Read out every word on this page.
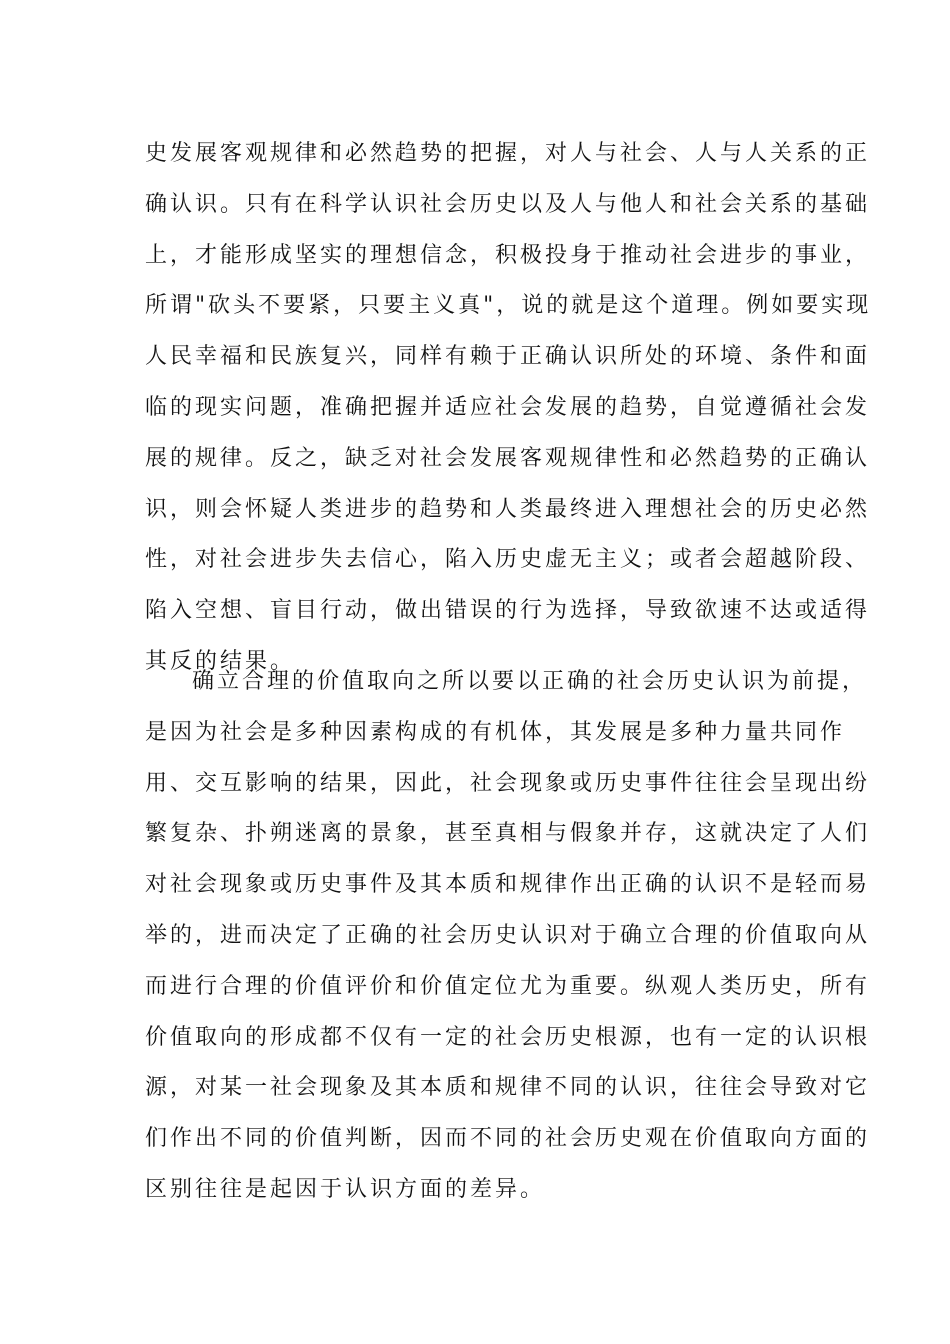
史发展客观规律和必然趋势的把握，对人与社会、人与人关系的正
确认识。只有在科学认识社会历史以及人与他人和社会关系的基础
上，才能形成坚实的理想信念，积极投身于推动社会进步的事业，
所谓"砍头不要紧，只要主义真"，说的就是这个道理。例如要实现
人民幸福和民族复兴，同样有赖于正确认识所处的环境、条件和面
临的现实问题，准确把握并适应社会发展的趋势，自觉遵循社会发
展的规律。反之，缺乏对社会发展客观规律性和必然趋势的正确认
识，则会怀疑人类进步的趋势和人类最终进入理想社会的历史必然
性，对社会进步失去信心，陷入历史虚无主义；或者会超越阶段、
陷入空想、盲目行动，做出错误的行为选择，导致欲速不达或适得
其反的结果。
确立合理的价值取向之所以要以正确的社会历史认识为前提，
是因为社会是多种因素构成的有机体，其发展是多种力量共同作
用、交互影响的结果，因此，社会现象或历史事件往往会呈现出纷
繁复杂、扑朔迷离的景象，甚至真相与假象并存，这就决定了人们
对社会现象或历史事件及其本质和规律作出正确的认识不是轻而易
举的，进而决定了正确的社会历史认识对于确立合理的价值取向从
而进行合理的价值评价和价值定位尤为重要。纵观人类历史，所有
价值取向的形成都不仅有一定的社会历史根源，也有一定的认识根
源，对某一社会现象及其本质和规律不同的认识，往往会导致对它
们作出不同的价值判断，因而不同的社会历史观在价值取向方面的
区别往往是起因于认识方面的差异。
